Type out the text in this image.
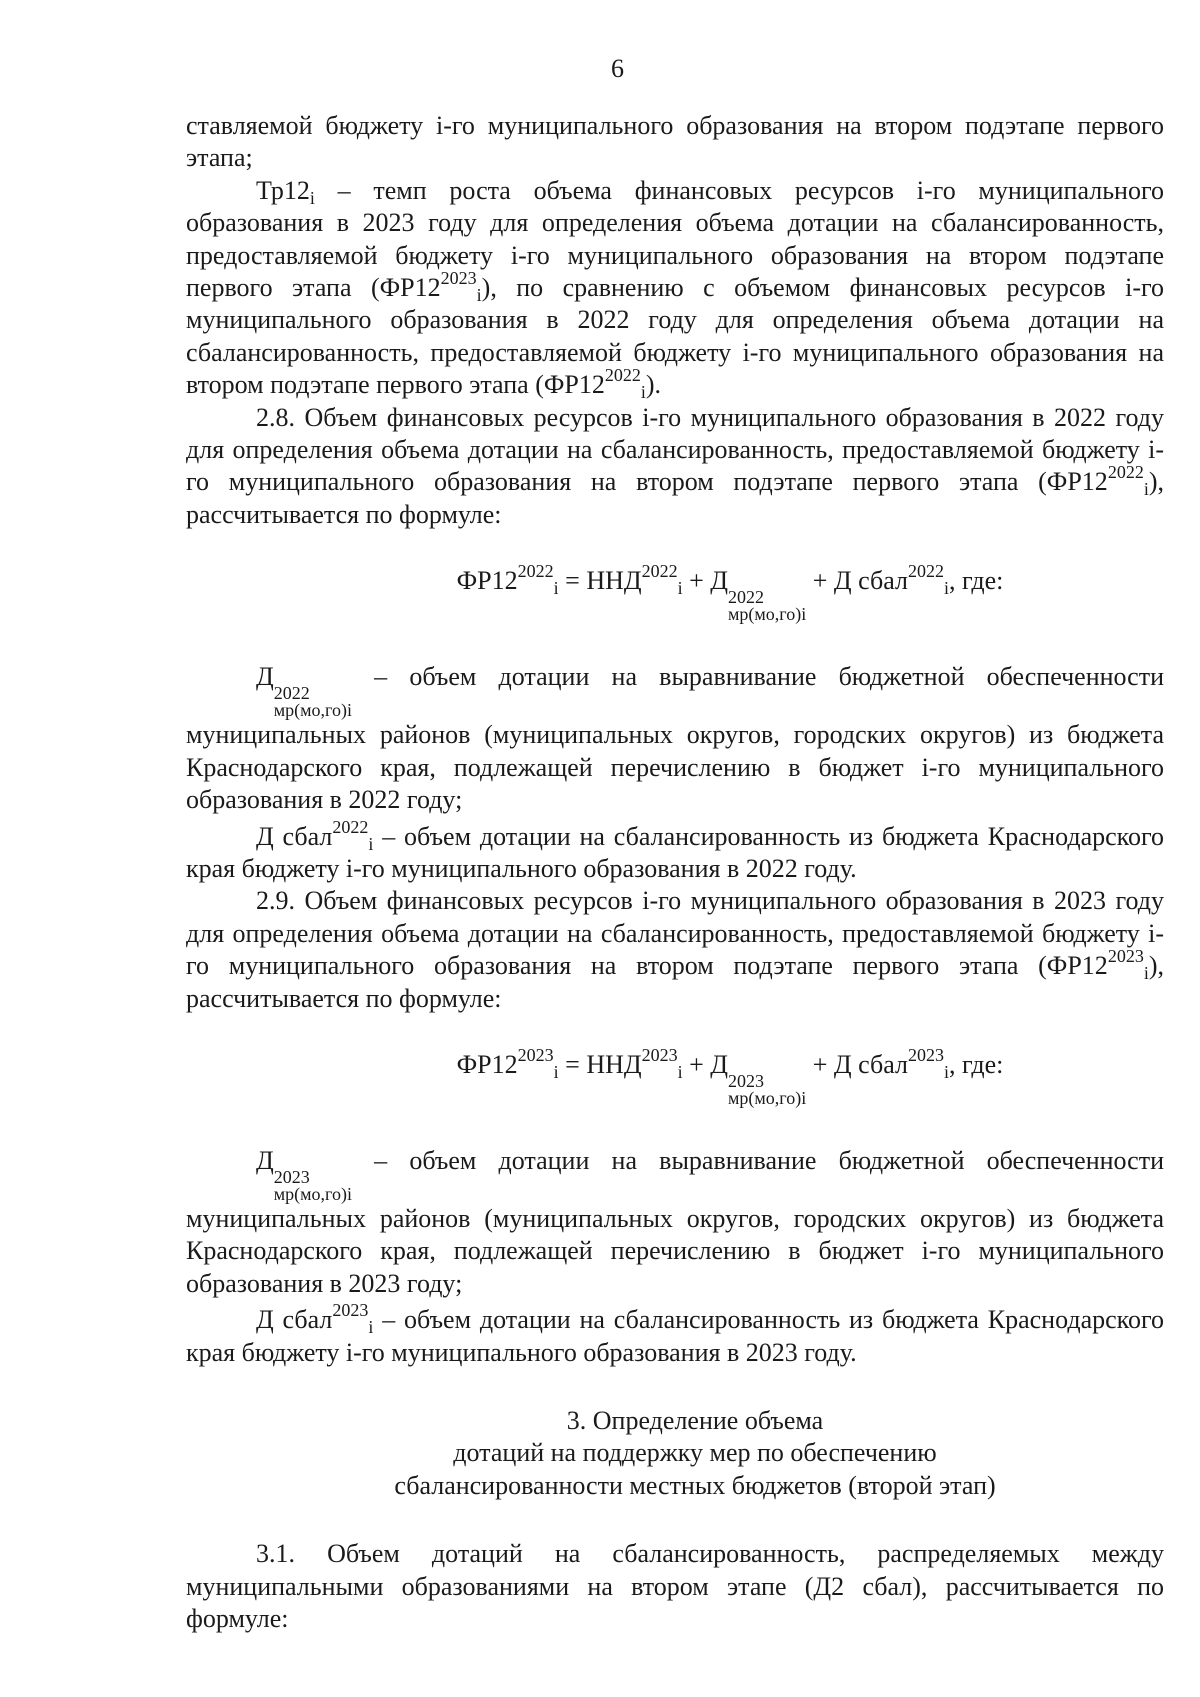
6

ставляемой бюджету i-го муниципального образования на втором подэтапе первого этапа;

$Тр12_i$ – темп роста объема финансовых ресурсов i-го муниципального образования в 2023 году для определения объема дотации на сбалансированность, предоставляемой бюджету i-го муниципального образования на втором подэтапе первого этапа $(ФР12^{2023}_i)$, по сравнению с объемом финансовых ресурсов i-го муниципального образования в 2022 году для определения объема дотации на сбалансированность, предоставляемой бюджету i-го муниципального образования на втором подэтапе первого этапа $(ФР12^{2022}_i)$.

2.8. Объем финансовых ресурсов i-го муниципального образования в 2022 году для определения объема дотации на сбалансированность, предоставляемой бюджету i-го муниципального образования на втором подэтапе первого этапа $(ФР12^{2022}_i)$, рассчитывается по формуле:

$ФР12^{2022}_i = ННД^{2022}_i + Д$
2022
мр(мо,го)i
+ Д сбал$^{2022}_i$, где:

Д
2022
мр(мо,го)i
– объем дотации на выравнивание бюджетной обеспеченности муниципальных районов (муниципальных округов, городских округов) из бюджета Краснодарского края, подлежащей перечислению в бюджет i-го муниципального образования в 2022 году;

Д сбал$^{2022}_i$ – объем дотации на сбалансированность из бюджета Краснодарского края бюджету i-го муниципального образования в 2022 году.

2.9. Объем финансовых ресурсов i-го муниципального образования в 2023 году для определения объема дотации на сбалансированность, предоставляемой бюджету i-го муниципального образования на втором подэтапе первого этапа $(ФР12^{2023}_i)$, рассчитывается по формуле:

$ФР12^{2023}_i = ННД^{2023}_i + Д$
2023
мр(мо,го)i
+ Д сбал$^{2023}_i$, где:

Д
2023
мр(мо,го)i
– объем дотации на выравнивание бюджетной обеспеченности муниципальных районов (муниципальных округов, городских округов) из бюджета Краснодарского края, подлежащей перечислению в бюджет i-го муниципального образования в 2023 году;

Д сбал$^{2023}_i$ – объем дотации на сбалансированность из бюджета Краснодарского края бюджету i-го муниципального образования в 2023 году.

3. Определение объема
дотаций на поддержку мер по обеспечению
сбалансированности местных бюджетов (второй этап)

3.1. Объем дотаций на сбалансированность, распределяемых между муниципальными образованиями на втором этапе (Д2 сбал), рассчитывается по формуле:
